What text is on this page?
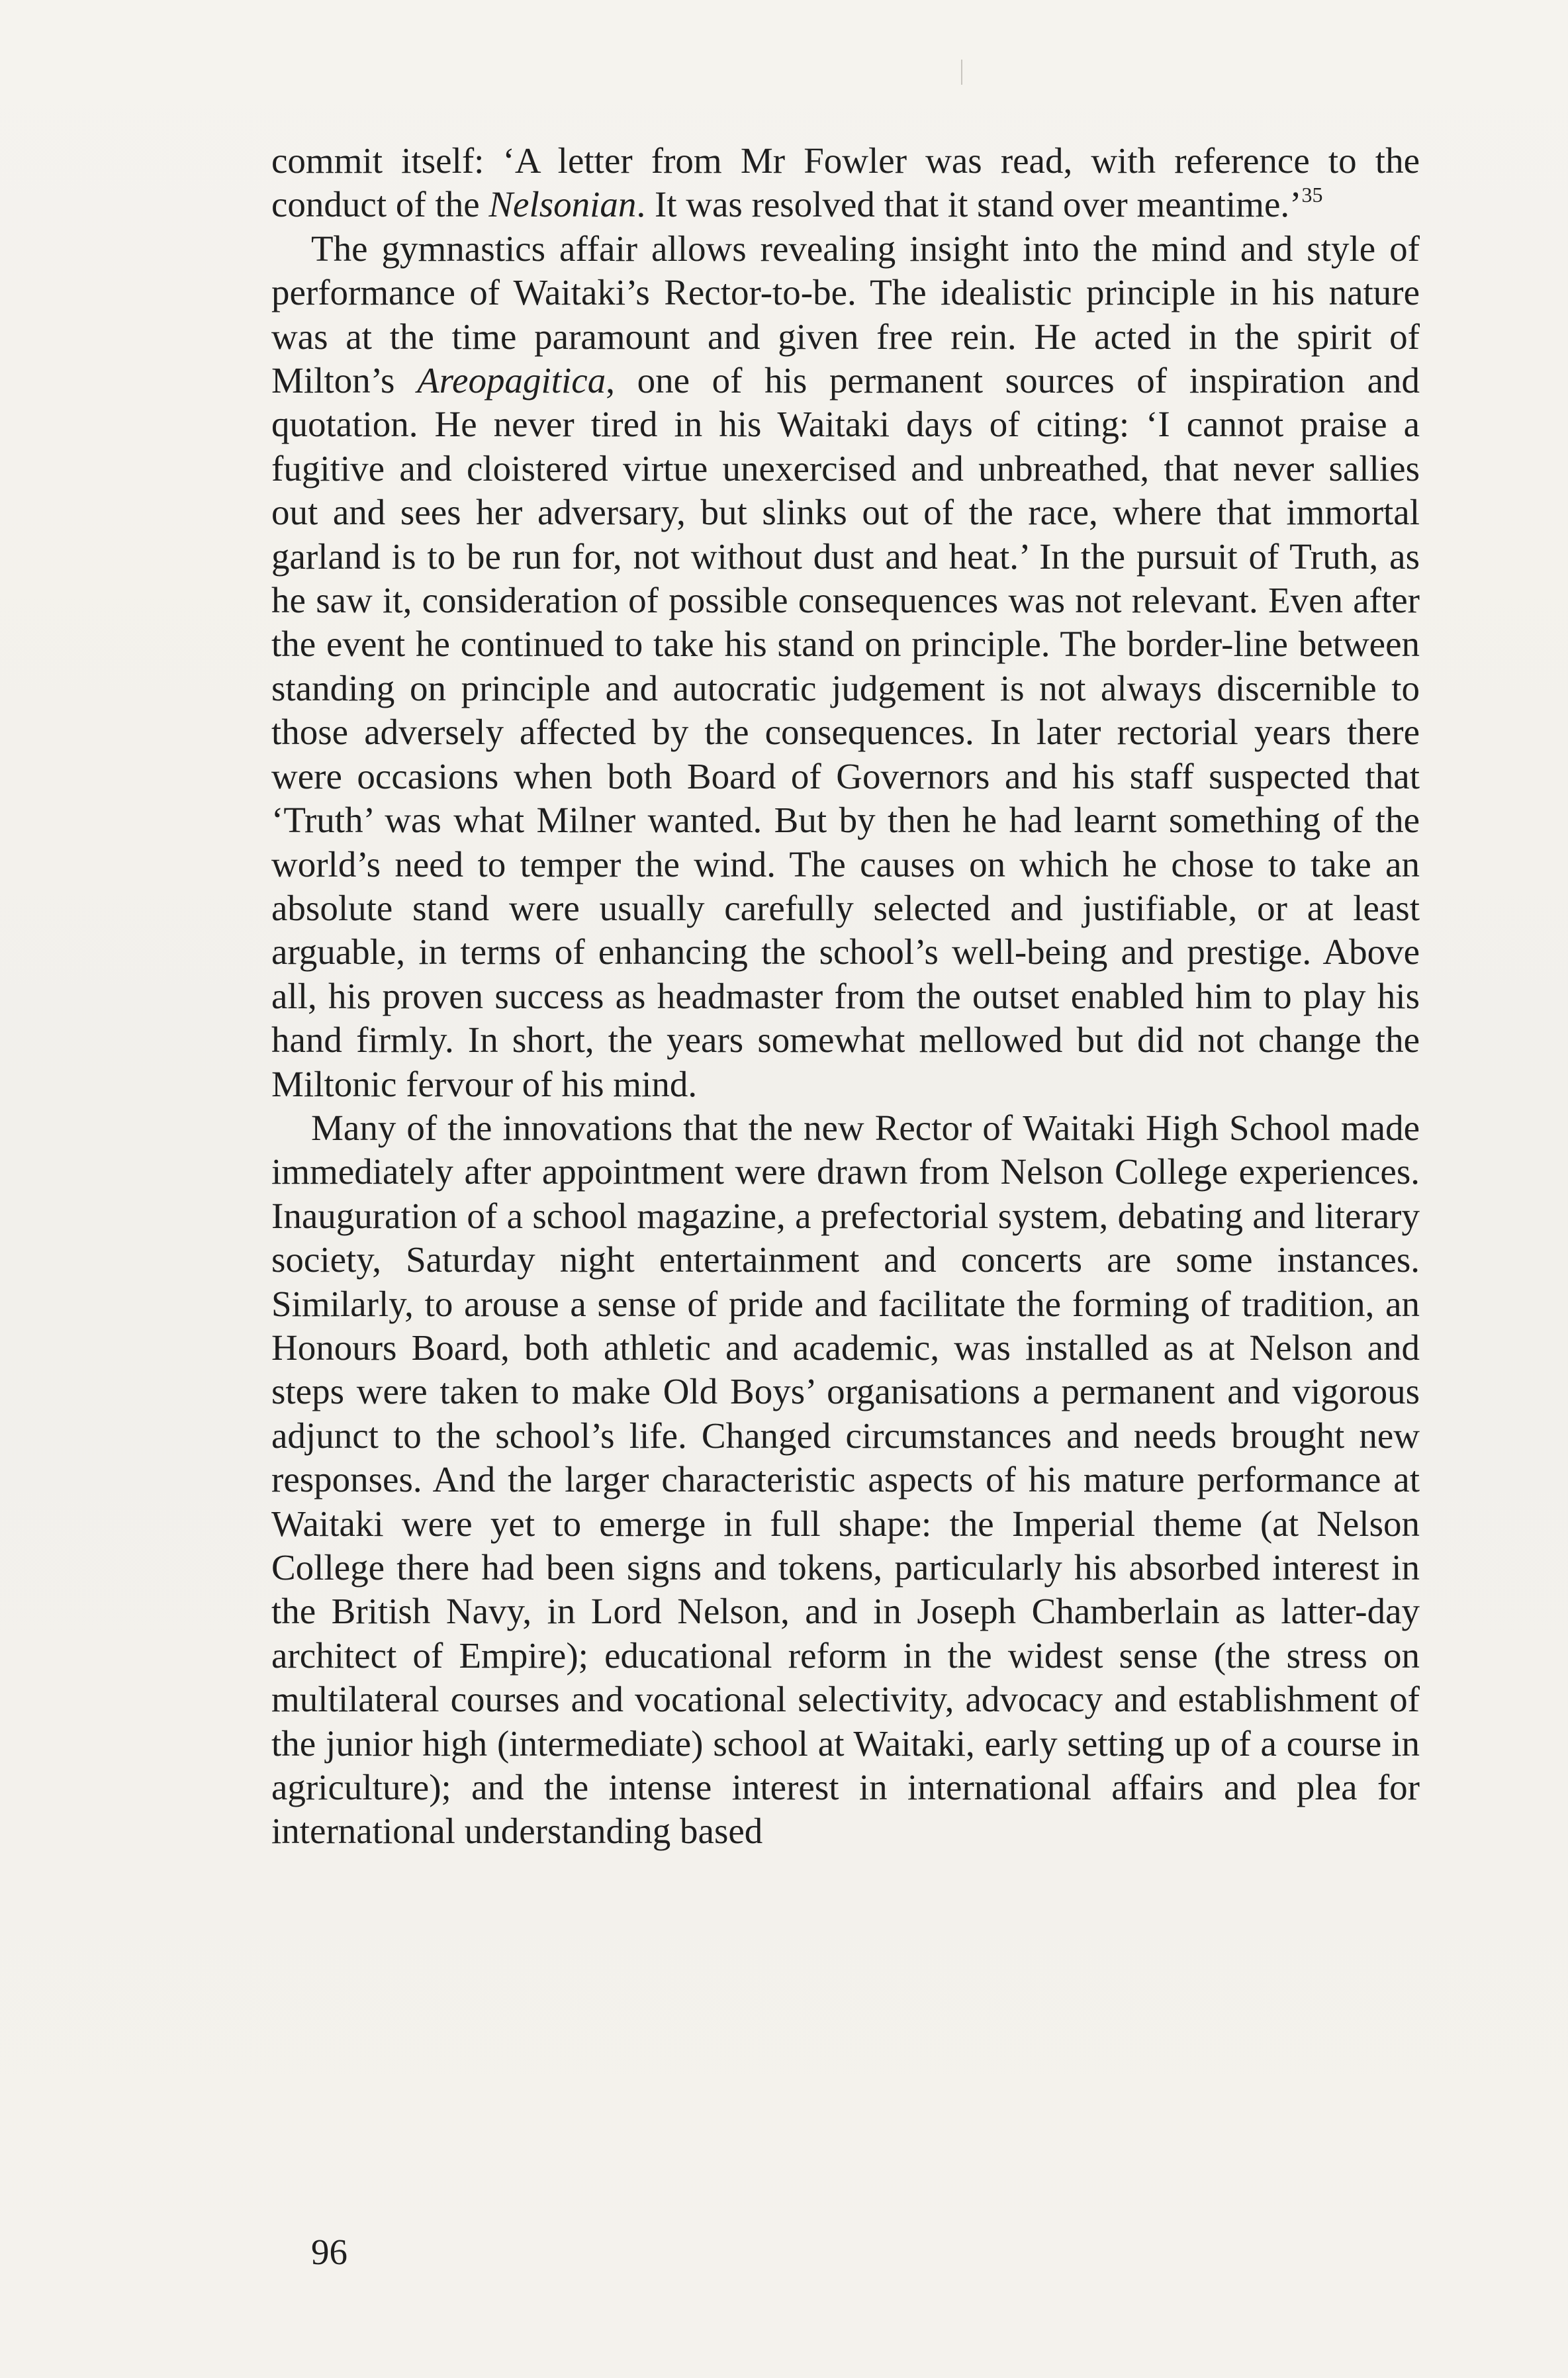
commit itself: ‘A letter from Mr Fowler was read, with reference to the conduct of the Nelsonian. It was resolved that it stand over meantime.’$^{35}$

The gymnastics affair allows revealing insight into the mind and style of performance of Waitaki’s Rector-to-be. The idealistic principle in his nature was at the time paramount and given free rein. He acted in the spirit of Milton’s Areopagitica, one of his permanent sources of inspiration and quotation. He never tired in his Waitaki days of citing: ‘I cannot praise a fugitive and cloistered virtue unexercised and unbreathed, that never sallies out and sees her adversary, but slinks out of the race, where that immortal garland is to be run for, not without dust and heat.’ In the pursuit of Truth, as he saw it, consideration of possible consequences was not relevant. Even after the event he continued to take his stand on principle. The border-line between standing on principle and autocratic judgement is not always discernible to those adversely affected by the consequences. In later rectorial years there were occasions when both Board of Governors and his staff suspected that ‘Truth’ was what Milner wanted. But by then he had learnt something of the world’s need to temper the wind. The causes on which he chose to take an absolute stand were usually carefully selected and justifiable, or at least arguable, in terms of enhancing the school’s well-being and prestige. Above all, his proven success as headmaster from the outset enabled him to play his hand firmly. In short, the years somewhat mellowed but did not change the Miltonic fervour of his mind.

Many of the innovations that the new Rector of Waitaki High School made immediately after appointment were drawn from Nelson College experiences. Inauguration of a school magazine, a prefectorial system, debating and literary society, Saturday night entertainment and concerts are some instances. Similarly, to arouse a sense of pride and facilitate the forming of tradition, an Honours Board, both athletic and academic, was installed as at Nelson and steps were taken to make Old Boys’ organisations a permanent and vigorous adjunct to the school’s life. Changed circumstances and needs brought new responses. And the larger characteristic aspects of his mature performance at Waitaki were yet to emerge in full shape: the Imperial theme (at Nelson College there had been signs and tokens, particularly his absorbed interest in the British Navy, in Lord Nelson, and in Joseph Chamberlain as latter-day architect of Empire); educational reform in the widest sense (the stress on multilateral courses and vocational selectivity, advocacy and establishment of the junior high (intermediate) school at Waitaki, early setting up of a course in agriculture); and the intense interest in international affairs and plea for international understanding based

96
